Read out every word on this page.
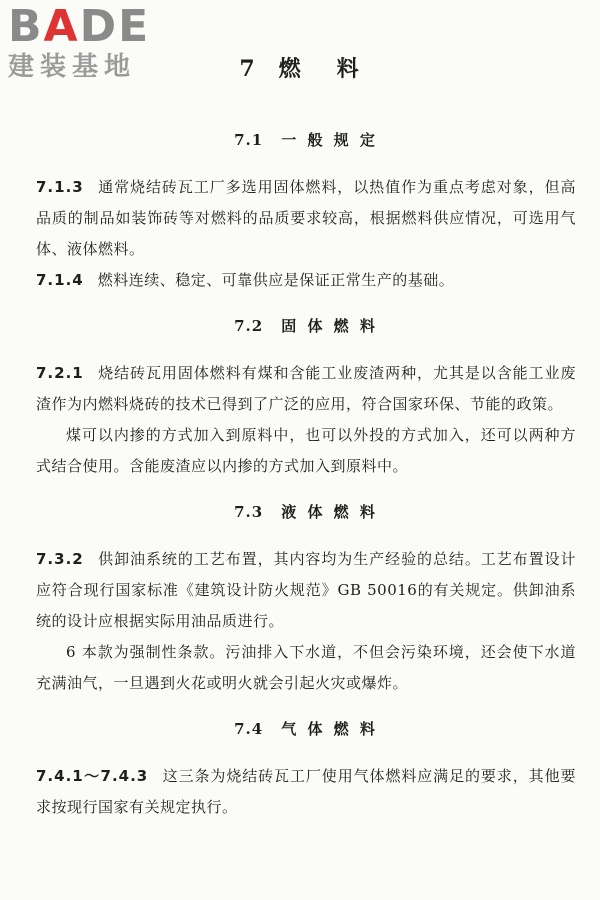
BADE
建装基地	7 燃 料
7.1 一 般 规 定

7.1.3 通常烧结砖瓦工厂多选用固体燃料，以热值作为重点考虑对象，但高品质的制品如装饰砖等对燃料的品质要求较高，根据燃料供应情况，可选用气体、液体燃料。

7.1.4 燃料连续、稳定、可靠供应是保证正常生产的基础。

7.2 固 体 燃 料

7.2.1 烧结砖瓦用固体燃料有煤和含能工业废渣两种，尤其是以含能工业废渣作为内燃料烧砖的技术已得到了广泛的应用，符合国家环保、节能的政策。

煤可以内掺的方式加入到原料中，也可以外投的方式加入，还可以两种方式结合使用。含能废渣应以内掺的方式加入到原料中。

7.3 液 体 燃 料

7.3.2 供卸油系统的工艺布置，其内容均为生产经验的总结。工艺布置设计应符合现行国家标准《建筑设计防火规范》GB 50016的有关规定。供卸油系统的设计应根据实际用油品质进行。

6 本款为强制性条款。污油排入下水道，不但会污染环境，还会使下水道充满油气，一旦遇到火花或明火就会引起火灾或爆炸。

7.4 气 体 燃 料

7.4.1～7.4.3 这三条为烧结砖瓦工厂使用气体燃料应满足的要求，其他要求按现行国家有关规定执行。
